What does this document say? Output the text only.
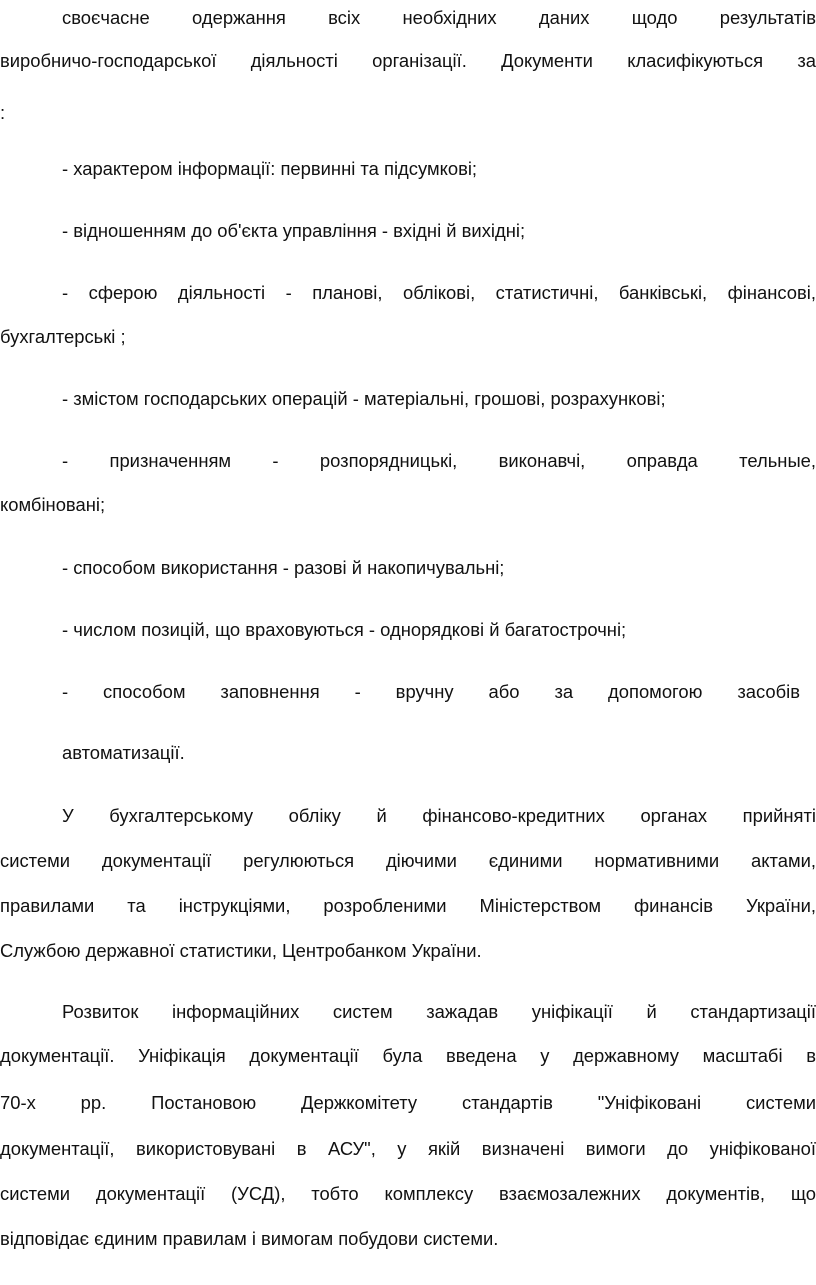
своєчасне одержання всіх необхідних даних щодо результатів
виробничо-господарської діяльності організації. Документи класифікуються за
:
- характером інформації: первинні та підсумкові;
- відношенням до об'єкта управління - вхідні й вихідні;
- сферою діяльності - планові, облікові, статистичні, банківські, фінансові,
бухгалтерські ;
- змістом господарських операцій - матеріальні, грошові, розрахункові;
- призначенням - розпорядницькі, виконавчі, оправда тельные,
комбіновані;
- способом використання - разові й накопичувальні;
- числом позицій, що враховуються - однорядкові й багатострочні;
- способом заповнення - вручну або за допомогою засобів
автоматизації.
У бухгалтерському обліку й фінансово-кредитних органах прийняті
системи документації регулюються діючими єдиними нормативними актами,
правилами та інструкціями, розробленими Міністерством финансів України,
Службою державної статистики, Центробанком України.
Розвиток інформаційних систем зажадав уніфікації й стандартизації
документації. Уніфікація документації була введена у державному масштабі в
70-х рр. Постановою Держкомітету стандартів "Уніфіковані системи
документації, використовувані в АСУ", у якій визначені вимоги до уніфікованої
системи документації (УСД), тобто комплексу взаємозалежних документів, що
відповідає єдиним правилам і вимогам побудови системи.
